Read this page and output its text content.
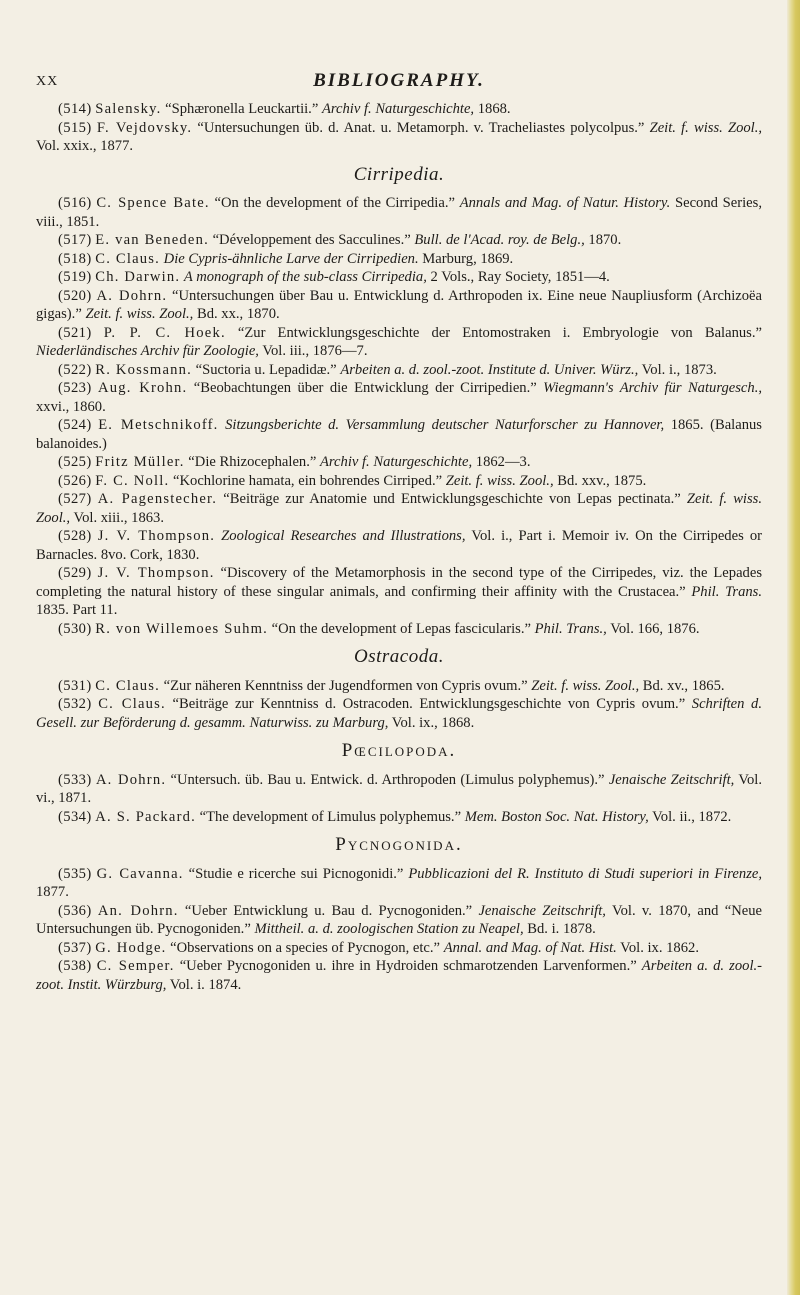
XX	BIBLIOGRAPHY.

(514) Salensky. “Sphæronella Leuckartii.” Archiv f. Naturgeschichte, 1868.

(515) F. Vejdovsky. “Untersuchungen üb. d. Anat. u. Metamorph. v. Tracheliastes polycolpus.” Zeit. f. wiss. Zool., Vol. xxix., 1877.

Cirripedia.

(516) C. Spence Bate. “On the development of the Cirripedia.” Annals and Mag. of Natur. History. Second Series, viii., 1851.

(517) E. van Beneden. “Développement des Sacculines.” Bull. de l'Acad. roy. de Belg., 1870.

(518) C. Claus. Die Cypris-ähnliche Larve der Cirripedien. Marburg, 1869.

(519) Ch. Darwin. A monograph of the sub-class Cirripedia, 2 Vols., Ray Society, 1851—4.

(520) A. Dohrn. “Untersuchungen über Bau u. Entwicklung d. Arthropoden ix. Eine neue Naupliusform (Archizoëa gigas).” Zeit. f. wiss. Zool., Bd. xx., 1870.

(521) P. P. C. Hoek. “Zur Entwicklungsgeschichte der Entomostraken i. Embryologie von Balanus.” Niederländisches Archiv für Zoologie, Vol. iii., 1876—7.

(522) R. Kossmann. “Suctoria u. Lepadidæ.” Arbeiten a. d. zool.-zoot. Institute d. Univer. Würz., Vol. i., 1873.

(523) Aug. Krohn. “Beobachtungen über die Entwicklung der Cirripedien.” Wiegmann's Archiv für Naturgesch., xxvi., 1860.

(524) E. Metschnikoff. Sitzungsberichte d. Versammlung deutscher Naturforscher zu Hannover, 1865. (Balanus balanoides.)

(525) Fritz Müller. “Die Rhizocephalen.” Archiv f. Naturgeschichte, 1862—3.

(526) F. C. Noll. “Kochlorine hamata, ein bohrendes Cirriped.” Zeit. f. wiss. Zool., Bd. xxv., 1875.

(527) A. Pagenstecher. “Beiträge zur Anatomie und Entwicklungsgeschichte von Lepas pectinata.” Zeit. f. wiss. Zool., Vol. xiii., 1863.

(528) J. V. Thompson. Zoological Researches and Illustrations, Vol. i., Part i. Memoir iv. On the Cirripedes or Barnacles. 8vo. Cork, 1830.

(529) J. V. Thompson. “Discovery of the Metamorphosis in the second type of the Cirripedes, viz. the Lepades completing the natural history of these singular animals, and confirming their affinity with the Crustacea.” Phil. Trans. 1835. Part 11.

(530) R. von Willemoes Suhm. “On the development of Lepas fascicularis.” Phil. Trans., Vol. 166, 1876.

Ostracoda.

(531) C. Claus. “Zur näheren Kenntniss der Jugendformen von Cypris ovum.” Zeit. f. wiss. Zool., Bd. xv., 1865.

(532) C. Claus. “Beiträge zur Kenntniss d. Ostracoden. Entwicklungsgeschichte von Cypris ovum.” Schriften d. Gesell. zur Beförderung d. gesamm. Naturwiss. zu Marburg, Vol. ix., 1868.

Pœcilopoda.

(533) A. Dohrn. “Untersuch. üb. Bau u. Entwick. d. Arthropoden (Limulus polyphemus).” Jenaische Zeitschrift, Vol. vi., 1871.

(534) A. S. Packard. “The development of Limulus polyphemus.” Mem. Boston Soc. Nat. History, Vol. ii., 1872.

Pycnogonida.

(535) G. Cavanna. “Studie e ricerche sui Picnogonidi.” Pubblicazioni del R. Instituto di Studi superiori in Firenze, 1877.

(536) An. Dohrn. “Ueber Entwicklung u. Bau d. Pycnogoniden.” Jenaische Zeitschrift, Vol. v. 1870, and “Neue Untersuchungen üb. Pycnogoniden.” Mittheil. a. d. zoologischen Station zu Neapel, Bd. i. 1878.

(537) G. Hodge. “Observations on a species of Pycnogon, etc.” Annal. and Mag. of Nat. Hist. Vol. ix. 1862.

(538) C. Semper. “Ueber Pycnogoniden u. ihre in Hydroiden schmarotzenden Larvenformen.” Arbeiten a. d. zool.-zoot. Instit. Würzburg, Vol. i. 1874.
